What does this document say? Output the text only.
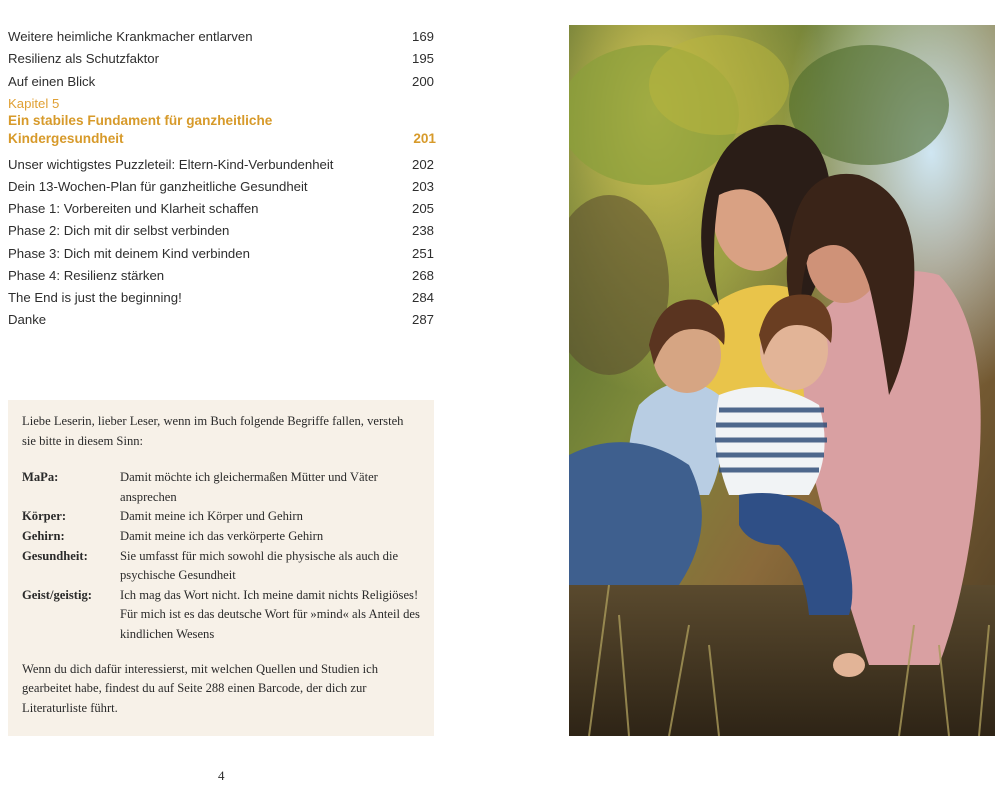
Weitere heimliche Krankmacher entlarven	169
Resilienz als Schutzfaktor	195
Auf einen Blick	200
Kapitel 5
Ein stabiles Fundament für ganzheitliche Kindergesundheit	201
Unser wichtigstes Puzzleteil: Eltern-Kind-Verbundenheit	202
Dein 13-Wochen-Plan für ganzheitliche Gesundheit	203
Phase 1: Vorbereiten und Klarheit schaffen	205
Phase 2: Dich mit dir selbst verbinden	238
Phase 3: Dich mit deinem Kind verbinden	251
Phase 4: Resilienz stärken	268
The End is just the beginning!	284
Danke	287

Liebe Leserin, lieber Leser, wenn im Buch folgende Begriffe fallen, versteh sie bitte in diesem Sinn:

MaPa:	Damit möchte ich gleichermaßen Mütter und Väter ansprechen
Körper:	Damit meine ich Körper und Gehirn
Gehirn:	Damit meine ich das verkörperte Gehirn
Gesundheit:	Sie umfasst für mich sowohl die physische als auch die psychische Gesundheit
Geist/geistig:	Ich mag das Wort nicht. Ich meine damit nichts Religiöses! Für mich ist es das deutsche Wort für »mind« als Anteil des kindlichen Wesens

Wenn du dich dafür interessierst, mit welchen Quellen und Studien ich gearbeitet habe, findest du auf Seite 288 einen Barcode, der dich zur Literaturliste führt.

4
